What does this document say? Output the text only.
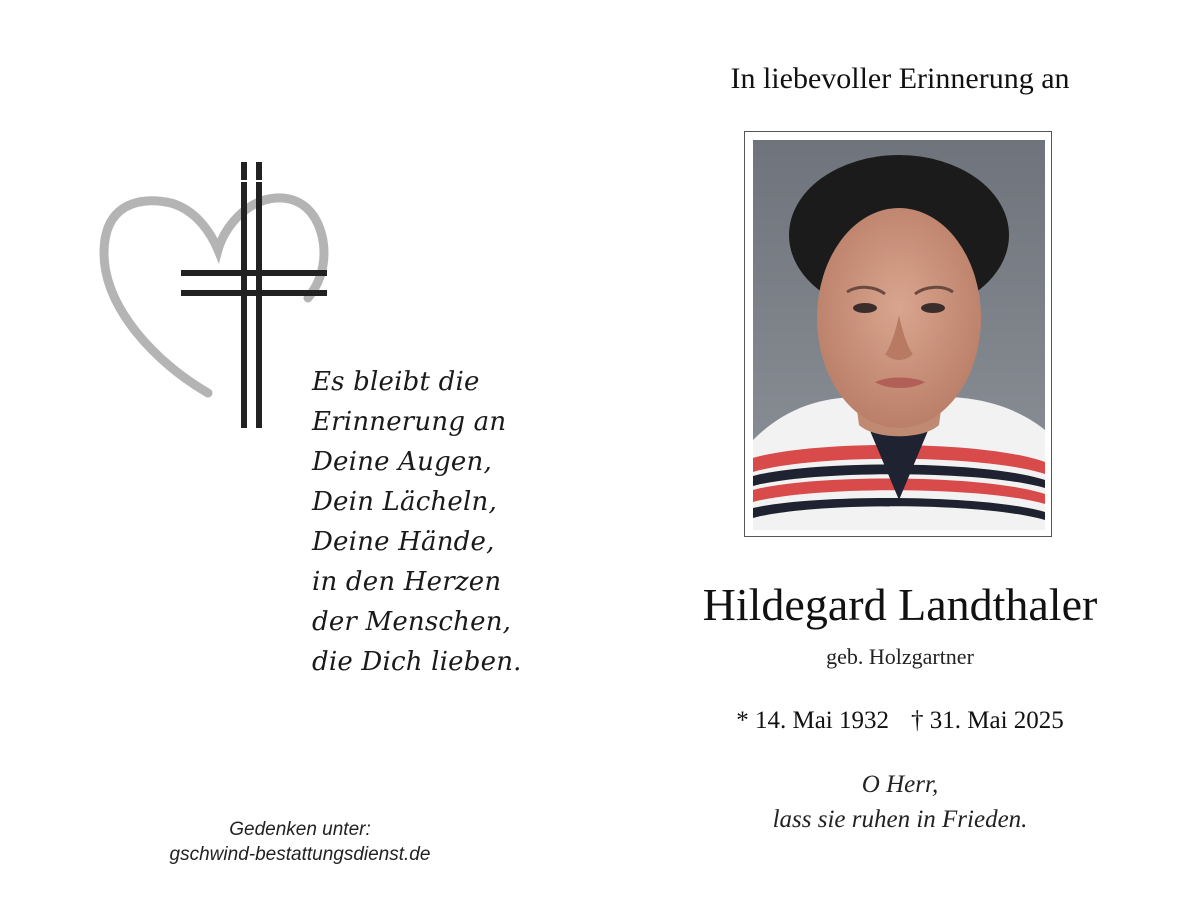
Es bleibt die
Erinnerung an
Deine Augen,
Dein Lächeln,
Deine Hände,
in den Herzen
der Menschen,
die Dich lieben.
Gedenken unter:
gschwind-bestattungsdienst.de
In liebevoller Erinnerung an
Hildegard Landthaler
geb. Holzgartner
* 14. Mai 1932 † 31. Mai 2025
O Herr,
lass sie ruhen in Frieden.
